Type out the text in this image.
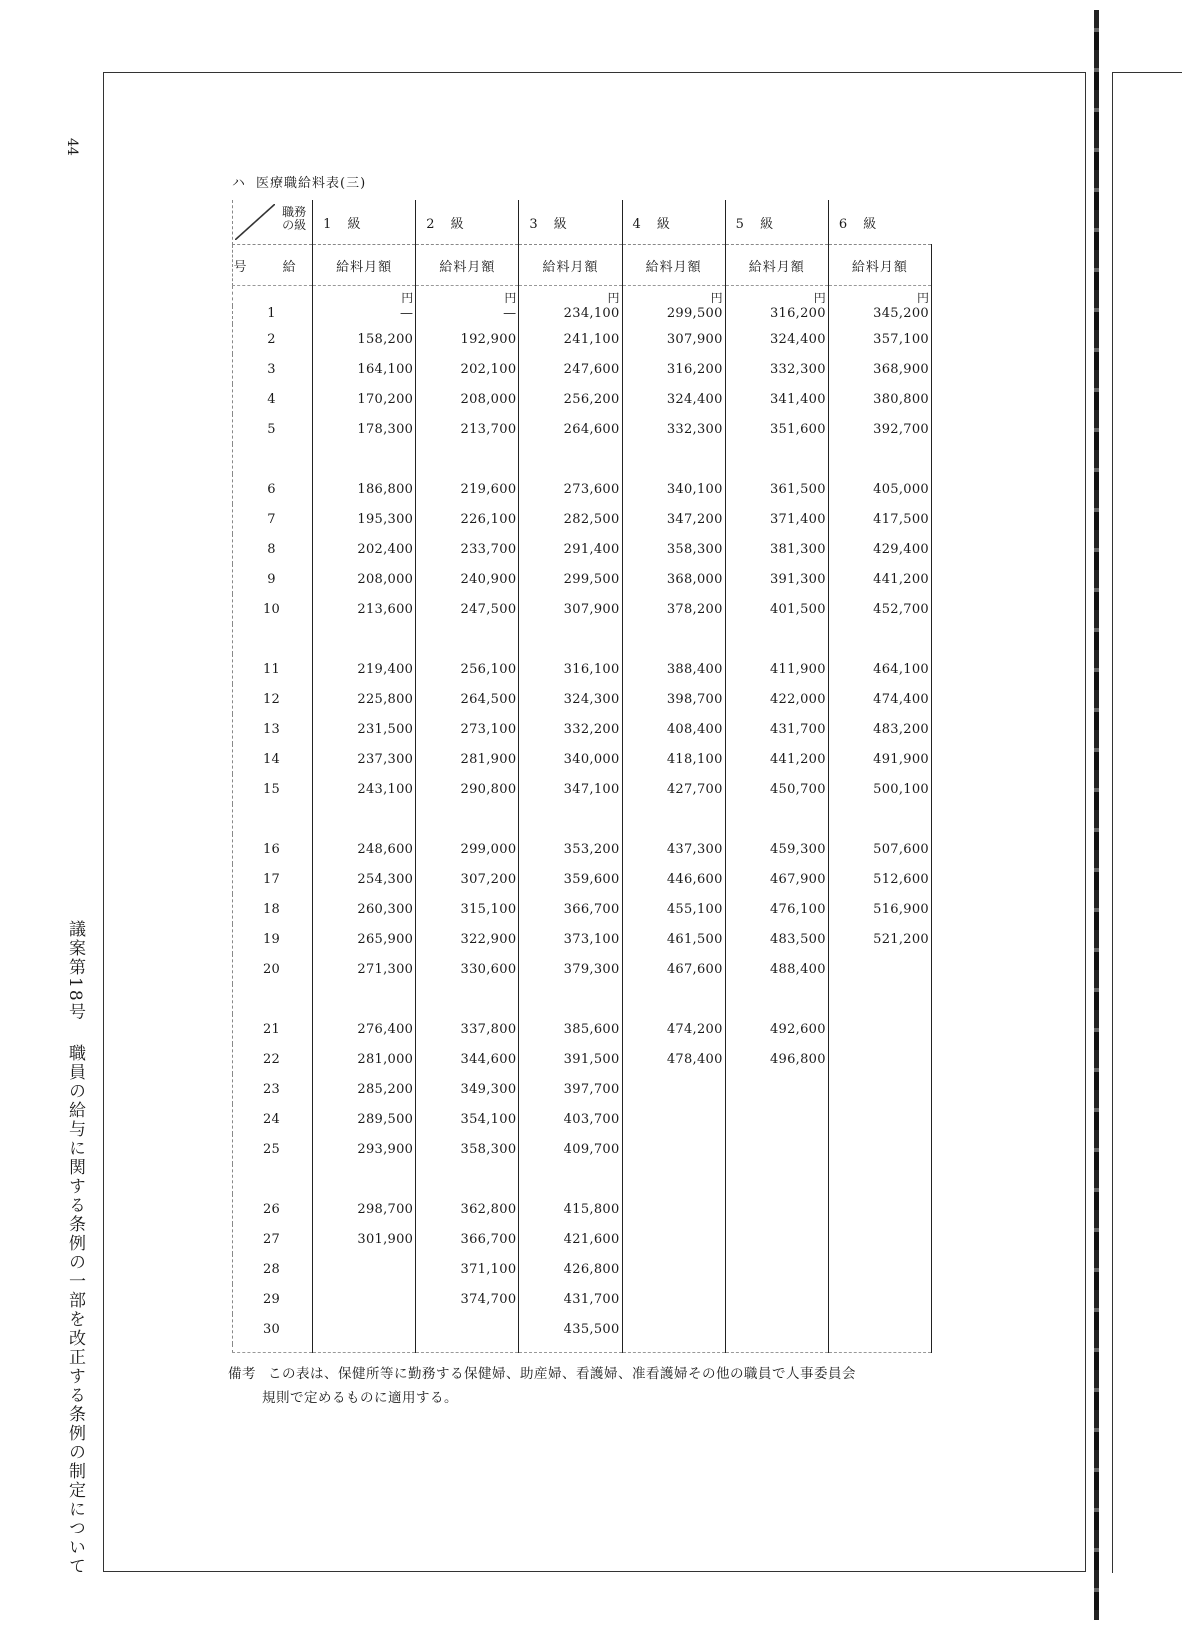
44
議案第18号職員の給与に関する条例の一部を改正する条例の制定について
ハ 医療職給料表(三)
職務
の級	1 級	2 級	3 級	4 級	5 級	6 級
号 給	給料月額	給料月額	給料月額	給料月額	給料月額	給料月額
	円	円	円	円	円	円
1	—	—	234,100	299,500	316,200	345,200
2	158,200	192,900	241,100	307,900	324,400	357,100
3	164,100	202,100	247,600	316,200	332,300	368,900
4	170,200	208,000	256,200	324,400	341,400	380,800
5	178,300	213,700	264,600	332,300	351,600	392,700

6	186,800	219,600	273,600	340,100	361,500	405,000
7	195,300	226,100	282,500	347,200	371,400	417,500
8	202,400	233,700	291,400	358,300	381,300	429,400
9	208,000	240,900	299,500	368,000	391,300	441,200
10	213,600	247,500	307,900	378,200	401,500	452,700

11	219,400	256,100	316,100	388,400	411,900	464,100
12	225,800	264,500	324,300	398,700	422,000	474,400
13	231,500	273,100	332,200	408,400	431,700	483,200
14	237,300	281,900	340,000	418,100	441,200	491,900
15	243,100	290,800	347,100	427,700	450,700	500,100

16	248,600	299,000	353,200	437,300	459,300	507,600
17	254,300	307,200	359,600	446,600	467,900	512,600
18	260,300	315,100	366,700	455,100	476,100	516,900
19	265,900	322,900	373,100	461,500	483,500	521,200
20	271,300	330,600	379,300	467,600	488,400	

21	276,400	337,800	385,600	474,200	492,600	
22	281,000	344,600	391,500	478,400	496,800	
23	285,200	349,300	397,700			
24	289,500	354,100	403,700			
25	293,900	358,300	409,700			

26	298,700	362,800	415,800			
27	301,900	366,700	421,600			
28		371,100	426,800			
29		374,700	431,700			
30			435,500			

備考 この表は、保健所等に勤務する保健婦、助産婦、看護婦、准看護婦その他の職員で人事委員会
規則で定めるものに適用する。
